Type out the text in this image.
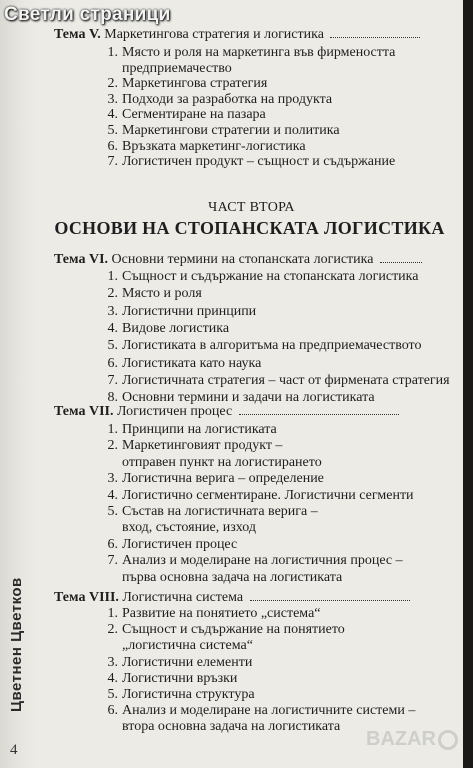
Цветнен Цветков
4
Тема V. Маркетингова стратегия и логистика
1. Място и роля на маркетинга във фирмеността
предприемачество
2. Маркетингова стратегия
3. Подходи за разработка на продукта
4. Сегментиране на пазара
5. Маркетингови стратегии и политика
6. Връзката маркетинг-логистика
7. Логистичен продукт – същност и съдържание
ЧАСТ ВТОРА
ОСНОВИ НА СТОПАНСКАТА ЛОГИСТИКА
Тема VI. Основни термини на стопанската логистика
1. Същност и съдържание на стопанската логистика
2. Място и роля
3. Логистични принципи
4. Видове логистика
5. Логистиката в алгоритъма на предприемачеството
6. Логистиката като наука
7. Логистичната стратегия – част от фирмената стратегия
8. Основни термини и задачи на логистиката
Тема VII. Логистичен процес
1. Принципи на логистиката
2. Маркетинговият продукт –
отправен пункт на логистирането
3. Логистична верига – определение
4. Логистично сегментиране. Логистични сегменти
5. Състав на логистичната верига –
вход, състояние, изход
6. Логистичен процес
7. Анализ и моделиране на логистичния процес –
първа основна задача на логистиката
Тема VIII. Логистична система
1. Развитие на понятието „система“
2. Същност и съдържание на понятието
„логистична система“
3. Логистични елементи
4. Логистични връзки
5. Логистична структура
6. Анализ и моделиране на логистичните системи –
втора основна задача на логистиката
Светли страници
BAZAR
